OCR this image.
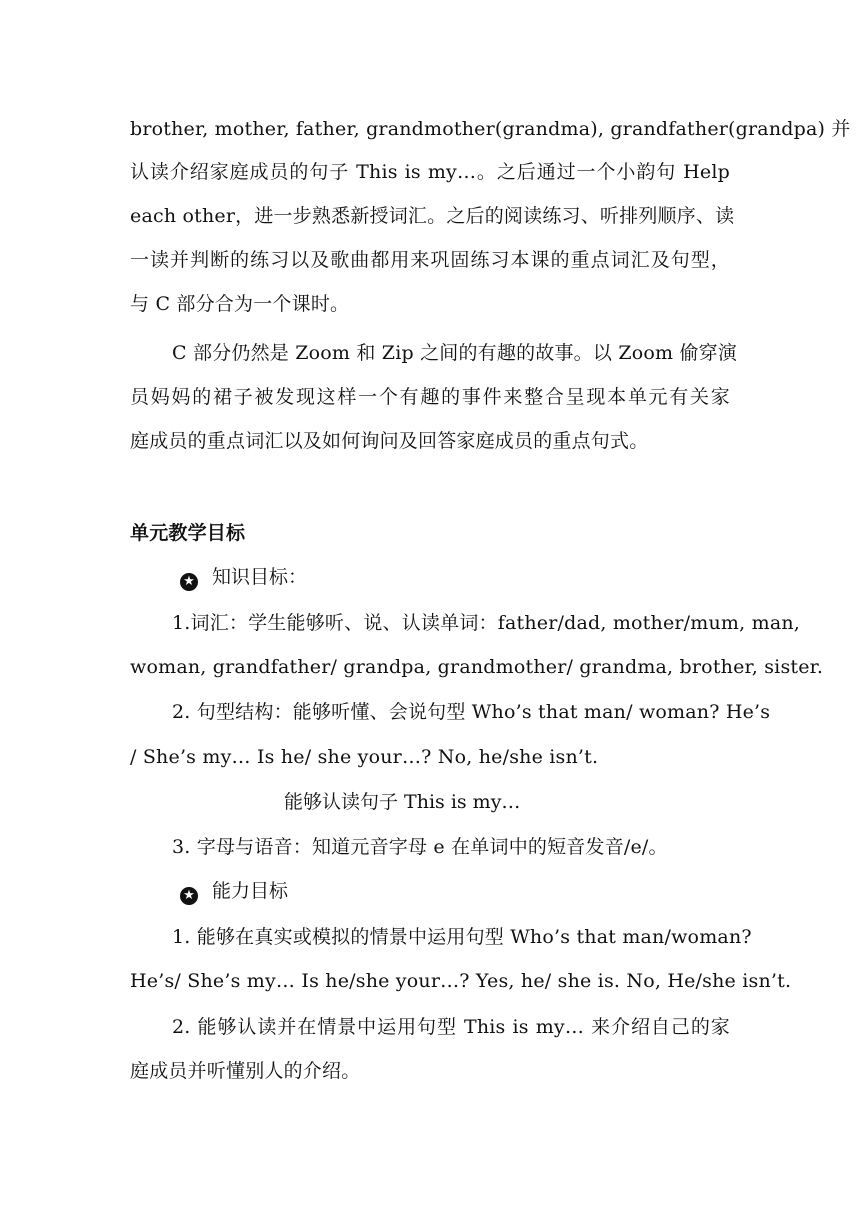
brother, mother, father, grandmother(grandma), grandfather(grandpa) 并
认读介绍家庭成员的句子 This is my…。之后通过一个小韵句 Help
each other，进一步熟悉新授词汇。之后的阅读练习、听排列顺序、读
一读并判断的练习以及歌曲都用来巩固练习本课的重点词汇及句型，
与 C 部分合为一个课时。
C 部分仍然是 Zoom 和 Zip 之间的有趣的故事。以 Zoom 偷穿演
员妈妈的裙子被发现这样一个有趣的事件来整合呈现本单元有关家
庭成员的重点词汇以及如何询问及回答家庭成员的重点句式。
单元教学目标
★ 知识目标：
1.词汇：学生能够听、说、认读单词：father/dad, mother/mum, man,
woman, grandfather/ grandpa, grandmother/ grandma, brother, sister.
2. 句型结构：能够听懂、会说句型 Who’s that man/ woman? He’s
/ She’s my… Is he/ she your…? No, he/she isn’t.
能够认读句子 This is my…
3. 字母与语音：知道元音字母 e 在单词中的短音发音/e/。
★ 能力目标
1. 能够在真实或模拟的情景中运用句型 Who’s that man/woman?
He’s/ She’s my… Is he/she your…? Yes, he/ she is. No, He/she isn’t.
2. 能够认读并在情景中运用句型 This is my… 来介绍自己的家
庭成员并听懂别人的介绍。
